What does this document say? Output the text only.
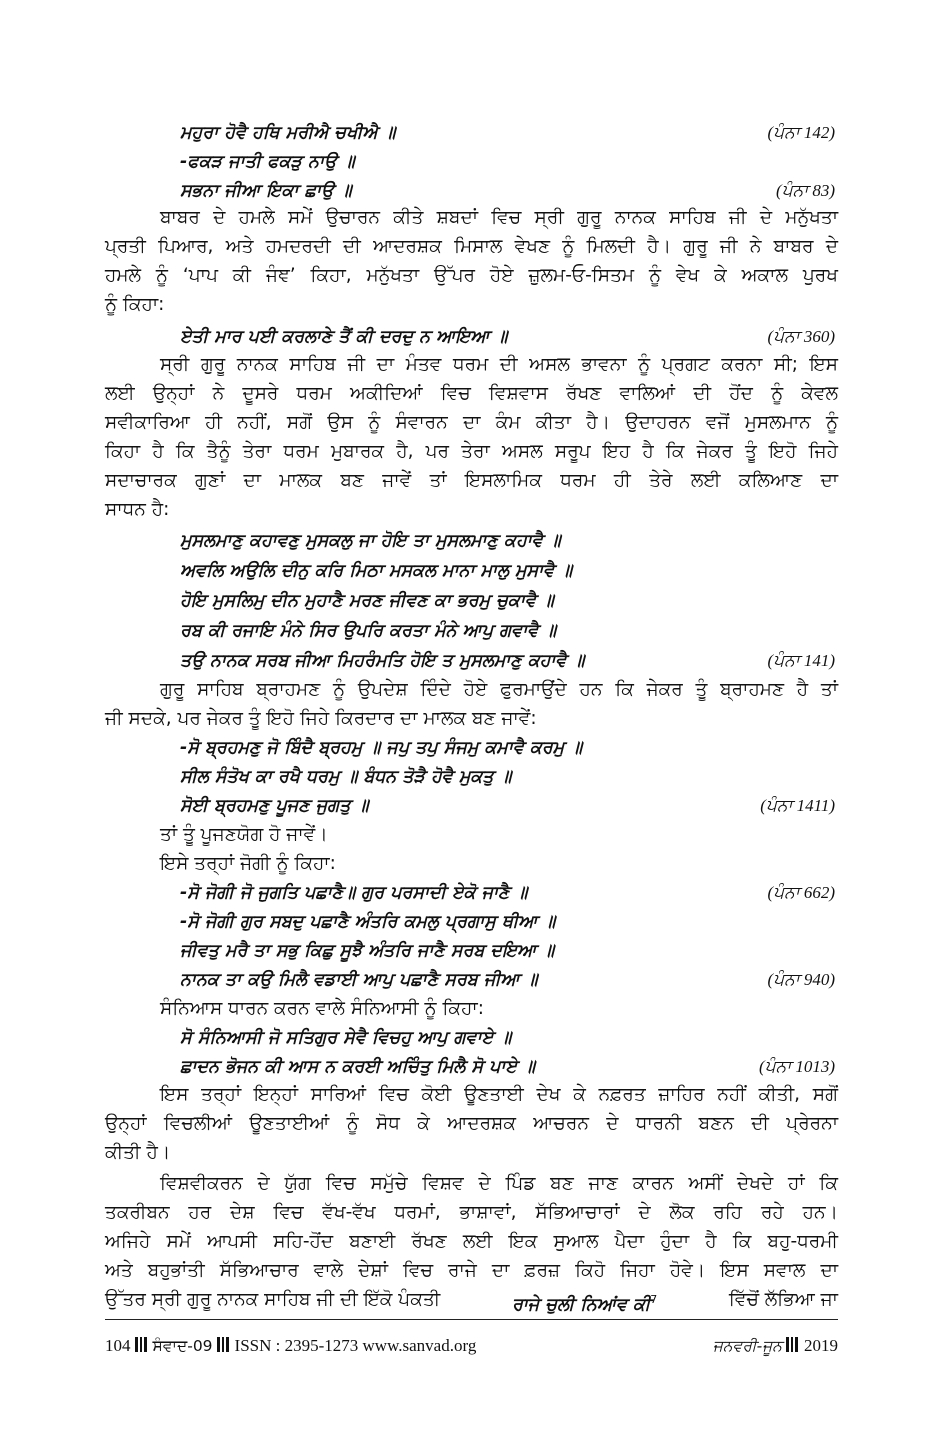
ਮਹੁਰਾ ਹੋਵੈ ਹਥਿ ਮਰੀਐ ਚਖੀਐ ॥	(ਪੰਨਾ 142)
-ਫਕੜ ਜਾਤੀ ਫਕੜੁ ਨਾਉ ॥
ਸਭਨਾ ਜੀਆ ਇਕਾ ਛਾਉ ॥	(ਪੰਨਾ 83)
ਬਾਬਰ ਦੇ ਹਮਲੇ ਸਮੇਂ ਉਚਾਰਨ ਕੀਤੇ ਸ਼ਬਦਾਂ ਵਿਚ ਸ੍ਰੀ ਗੁਰੂ ਨਾਨਕ ਸਾਹਿਬ ਜੀ ਦੇ ਮਨੁੱਖਤਾ
ਪ੍ਰਤੀ ਪਿਆਰ, ਅਤੇ ਹਮਦਰਦੀ ਦੀ ਆਦਰਸ਼ਕ ਮਿਸਾਲ ਵੇਖਣ ਨੂੰ ਮਿਲਦੀ ਹੈ। ਗੁਰੂ ਜੀ ਨੇ ਬਾਬਰ ਦੇ
ਹਮਲੇ ਨੂੰ ‘ਪਾਪ ਕੀ ਜੰਞ’ ਕਿਹਾ, ਮਨੁੱਖਤਾ ਉੱਪਰ ਹੋਏ ਜ਼ੁਲਮ-ਓ-ਸਿਤਮ ਨੂੰ ਵੇਖ ਕੇ ਅਕਾਲ ਪੁਰਖ
ਨੂੰ ਕਿਹਾ:
ਏਤੀ ਮਾਰ ਪਈ ਕਰਲਾਣੇ ਤੈਂ ਕੀ ਦਰਦੁ ਨ ਆਇਆ ॥	(ਪੰਨਾ 360)
ਸ੍ਰੀ ਗੁਰੂ ਨਾਨਕ ਸਾਹਿਬ ਜੀ ਦਾ ਮੰਤਵ ਧਰਮ ਦੀ ਅਸਲ ਭਾਵਨਾ ਨੂੰ ਪ੍ਰਗਟ ਕਰਨਾ ਸੀ; ਇਸ
ਲਈ ਉਨ੍ਹਾਂ ਨੇ ਦੂਸਰੇ ਧਰਮ ਅਕੀਦਿਆਂ ਵਿਚ ਵਿਸ਼ਵਾਸ ਰੱਖਣ ਵਾਲਿਆਂ ਦੀ ਹੋਂਦ ਨੂੰ ਕੇਵਲ
ਸਵੀਕਾਰਿਆ ਹੀ ਨਹੀਂ, ਸਗੋਂ ਉਸ ਨੂੰ ਸੰਵਾਰਨ ਦਾ ਕੰਮ ਕੀਤਾ ਹੈ। ਉਦਾਹਰਨ ਵਜੋਂ ਮੁਸਲਮਾਨ ਨੂੰ
ਕਿਹਾ ਹੈ ਕਿ ਤੈਨੂੰ ਤੇਰਾ ਧਰਮ ਮੁਬਾਰਕ ਹੈ, ਪਰ ਤੇਰਾ ਅਸਲ ਸਰੂਪ ਇਹ ਹੈ ਕਿ ਜੇਕਰ ਤੂੰ ਇਹੋ ਜਿਹੇ
ਸਦਾਚਾਰਕ ਗੁਣਾਂ ਦਾ ਮਾਲਕ ਬਣ ਜਾਵੇਂ ਤਾਂ ਇਸਲਾਮਿਕ ਧਰਮ ਹੀ ਤੇਰੇ ਲਈ ਕਲਿਆਣ ਦਾ
ਸਾਧਨ ਹੈ:
ਮੁਸਲਮਾਣੁ ਕਹਾਵਣੁ ਮੁਸਕਲੁ ਜਾ ਹੋਇ ਤਾ ਮੁਸਲਮਾਣੁ ਕਹਾਵੈ ॥
ਅਵਲਿ ਅਉਲਿ ਦੀਨੁ ਕਰਿ ਮਿਠਾ ਮਸਕਲ ਮਾਨਾ ਮਾਲੁ ਮੁਸਾਵੈ ॥
ਹੋਇ ਮੁਸਲਿਮੁ ਦੀਨ ਮੁਹਾਣੈ ਮਰਣ ਜੀਵਣ ਕਾ ਭਰਮੁ ਚੁਕਾਵੈ ॥
ਰਬ ਕੀ ਰਜਾਇ ਮੰਨੇ ਸਿਰ ਉਪਰਿ ਕਰਤਾ ਮੰਨੇ ਆਪੁ ਗਵਾਵੈ ॥
ਤਉ ਨਾਨਕ ਸਰਬ ਜੀਆ ਮਿਹਰੰਮਤਿ ਹੋਇ ਤ ਮੁਸਲਮਾਣੁ ਕਹਾਵੈ ॥	(ਪੰਨਾ 141)
ਗੁਰੂ ਸਾਹਿਬ ਬ੍ਰਾਹਮਣ ਨੂੰ ਉਪਦੇਸ਼ ਦਿੰਦੇ ਹੋਏ ਫੁਰਮਾਉਂਦੇ ਹਨ ਕਿ ਜੇਕਰ ਤੂੰ ਬ੍ਰਾਹਮਣ ਹੈ ਤਾਂ
ਜੀ ਸਦਕੇ, ਪਰ ਜੇਕਰ ਤੂੰ ਇਹੋ ਜਿਹੇ ਕਿਰਦਾਰ ਦਾ ਮਾਲਕ ਬਣ ਜਾਵੇਂ:
-ਸੋ ਬ੍ਰਹਮਣੁ ਜੋ ਬਿੰਦੈ ਬ੍ਰਹਮੁ ॥ ਜਪੁ ਤਪੁ ਸੰਜਮੁ ਕਮਾਵੈ ਕਰਮੁ ॥
ਸੀਲ ਸੰਤੋਖ ਕਾ ਰਖੈ ਧਰਮੁ ॥ ਬੰਧਨ ਤੋੜੈ ਹੋਵੈ ਮੁਕਤੁ ॥
ਸੋਈ ਬ੍ਰਹਮਣੁ ਪੂਜਣ ਜੁਗਤੁ ॥	(ਪੰਨਾ 1411)
ਤਾਂ ਤੂੰ ਪੂਜਣਯੋਗ ਹੋ ਜਾਵੇਂ।
ਇਸੇ ਤਰ੍ਹਾਂ ਜੋਗੀ ਨੂੰ ਕਿਹਾ:
-ਸੋ ਜੋਗੀ ਜੋ ਜੁਗਤਿ ਪਛਾਣੈ॥ ਗੁਰ ਪਰਸਾਦੀ ਏਕੋ ਜਾਣੈ ॥	(ਪੰਨਾ 662)
-ਸੋ ਜੋਗੀ ਗੁਰ ਸਬਦੁ ਪਛਾਣੈ ਅੰਤਰਿ ਕਮਲੁ ਪ੍ਰਗਾਸੁ ਥੀਆ ॥
ਜੀਵਤੁ ਮਰੈ ਤਾ ਸਭੁ ਕਿਛੁ ਸੂਝੈ ਅੰਤਰਿ ਜਾਣੈ ਸਰਬ ਦਇਆ ॥
ਨਾਨਕ ਤਾ ਕਉ ਮਿਲੈ ਵਡਾਈ ਆਪੁ ਪਛਾਣੈ ਸਰਬ ਜੀਆ ॥	(ਪੰਨਾ 940)
ਸੰਨਿਆਸ ਧਾਰਨ ਕਰਨ ਵਾਲੇ ਸੰਨਿਆਸੀ ਨੂੰ ਕਿਹਾ:
ਸੋ ਸੰਨਿਆਸੀ ਜੋ ਸਤਿਗੁਰ ਸੇਵੈ ਵਿਚਹੁ ਆਪੁ ਗਵਾਏ ॥
ਛਾਦਨ ਭੋਜਨ ਕੀ ਆਸ ਨ ਕਰਈ ਅਚਿੰਤੁ ਮਿਲੈ ਸੋ ਪਾਏ ॥	(ਪੰਨਾ 1013)
ਇਸ ਤਰ੍ਹਾਂ ਇਨ੍ਹਾਂ ਸਾਰਿਆਂ ਵਿਚ ਕੋਈ ਊਣਤਾਈ ਦੇਖ ਕੇ ਨਫ਼ਰਤ ਜ਼ਾਹਿਰ ਨਹੀਂ ਕੀਤੀ, ਸਗੋਂ
ਉਨ੍ਹਾਂ ਵਿਚਲੀਆਂ ਊਣਤਾਈਆਂ ਨੂੰ ਸੋਧ ਕੇ ਆਦਰਸ਼ਕ ਆਚਰਨ ਦੇ ਧਾਰਨੀ ਬਣਨ ਦੀ ਪ੍ਰੇਰਨਾ
ਕੀਤੀ ਹੈ।
ਵਿਸ਼ਵੀਕਰਨ ਦੇ ਯੁੱਗ ਵਿਚ ਸਮੁੱਚੇ ਵਿਸ਼ਵ ਦੇ ਪਿੰਡ ਬਣ ਜਾਣ ਕਾਰਨ ਅਸੀਂ ਦੇਖਦੇ ਹਾਂ ਕਿ
ਤਕਰੀਬਨ ਹਰ ਦੇਸ਼ ਵਿਚ ਵੱਖ-ਵੱਖ ਧਰਮਾਂ, ਭਾਸ਼ਾਵਾਂ, ਸੱਭਿਆਚਾਰਾਂ ਦੇ ਲੋਕ ਰਹਿ ਰਹੇ ਹਨ।
ਅਜਿਹੇ ਸਮੇਂ ਆਪਸੀ ਸਹਿ-ਹੋਂਦ ਬਣਾਈ ਰੱਖਣ ਲਈ ਇਕ ਸੁਆਲ ਪੈਦਾ ਹੁੰਦਾ ਹੈ ਕਿ ਬਹੁ-ਧਰਮੀ
ਅਤੇ ਬਹੁਭਾਂਤੀ ਸੱਭਿਆਚਾਰ ਵਾਲੇ ਦੇਸ਼ਾਂ ਵਿਚ ਰਾਜੇ ਦਾ ਫ਼ਰਜ਼ ਕਿਹੋ ਜਿਹਾ ਹੋਵੇ। ਇਸ ਸਵਾਲ ਦਾ
ਉੱਤਰ ਸ੍ਰੀ ਗੁਰੂ ਨਾਨਕ ਸਾਹਿਬ ਜੀ ਦੀ ਇੱਕੋ ਪੰਕਤੀ	ਰਾਜੇ ਚੁਲੀ ਨਿਆਂਵ ਕੀ$^7$	ਵਿੱਚੋਂ ਲੱਭਿਆ ਜਾ
104 ਸੰਵਾਦ-09 ISSN : 2395-1273 www.sanvad.org	ਜਨਵਰੀ-ਜੂਨ 2019
